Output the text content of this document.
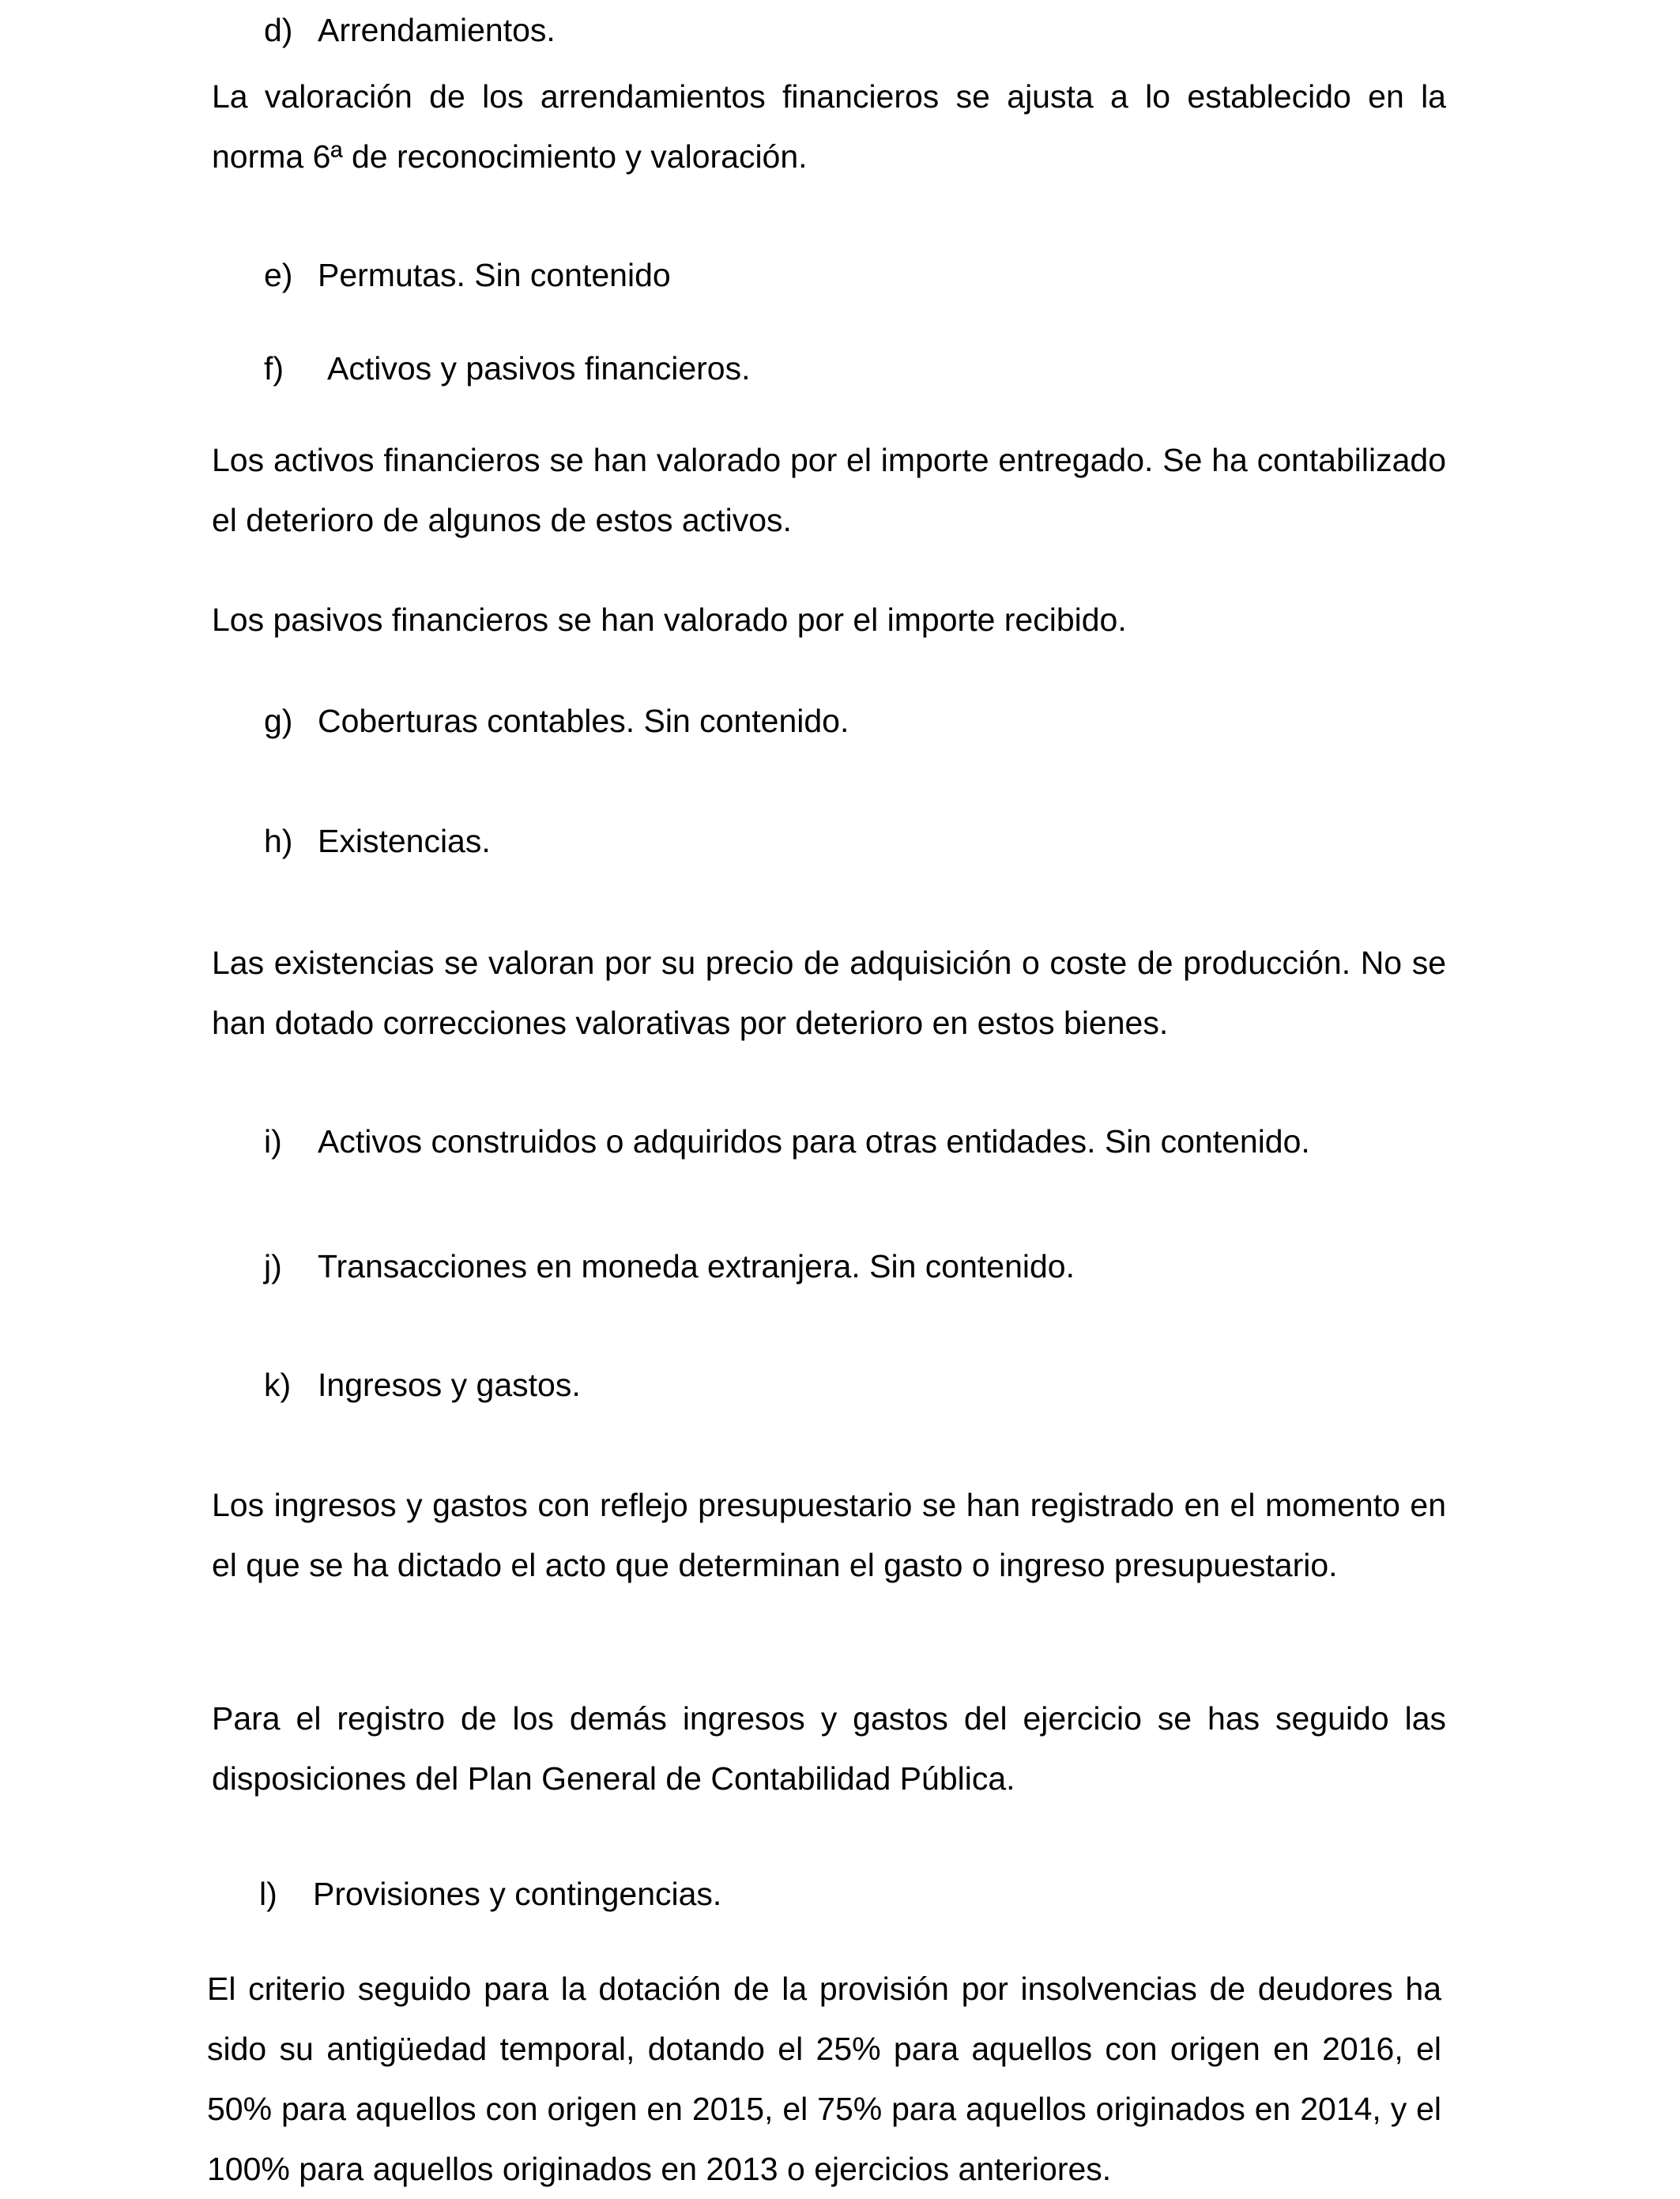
d) Arrendamientos.

La valoración de los arrendamientos financieros se ajusta a lo establecido en la norma 6ª de reconocimiento y valoración.

e) Permutas. Sin contenido
f) Activos y pasivos financieros.

Los activos financieros se han valorado por el importe entregado. Se ha contabilizado el deterioro de algunos de estos activos.

Los pasivos financieros se han valorado por el importe recibido.

g) Coberturas contables. Sin contenido.
h) Existencias.

Las existencias se valoran por su precio de adquisición o coste de producción. No se han dotado correcciones valorativas por deterioro en estos bienes.

i) Activos construidos o adquiridos para otras entidades. Sin contenido.
j) Transacciones en moneda extranjera. Sin contenido.
k) Ingresos y gastos.

Los ingresos y gastos con reflejo presupuestario se han registrado en el momento en el que se ha dictado el acto que determinan el gasto o ingreso presupuestario.

Para el registro de los demás ingresos y gastos del ejercicio se has seguido las disposiciones del Plan General de Contabilidad Pública.

l) Provisiones y contingencias.

El criterio seguido para la dotación de la provisión por insolvencias de deudores ha sido su antigüedad temporal, dotando el 25% para aquellos con origen en 2016, el 50% para aquellos con origen en 2015, el 75% para aquellos originados en 2014, y el 100% para aquellos originados en 2013 o ejercicios anteriores.
